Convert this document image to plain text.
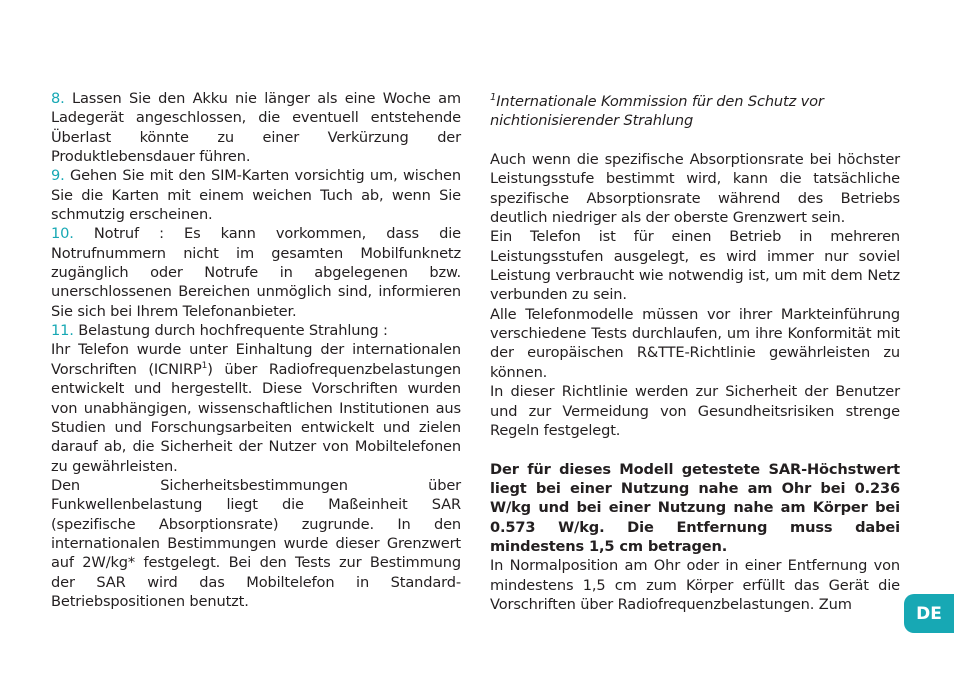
8. Lassen Sie den Akku nie länger als eine Woche am Ladegerät angeschlossen, die eventuell entstehende Überlast könnte zu einer Verkürzung der Produktlebensdauer führen.

9. Gehen Sie mit den SIM-Karten vorsichtig um, wischen Sie die Karten mit einem weichen Tuch ab, wenn Sie schmutzig erscheinen.

10. Notruf : Es kann vorkommen, dass die Notrufnummern nicht im gesamten Mobilfunknetz zugänglich oder Notrufe in abgelegenen bzw. unerschlossenen Bereichen unmöglich sind, informieren Sie sich bei Ihrem Telefonanbieter.

11. Belastung durch hochfrequente Strahlung :

Ihr Telefon wurde unter Einhaltung der internationalen Vorschriften (ICNIRP$^1$) über Radiofrequenzbelastungen entwickelt und hergestellt. Diese Vorschriften wurden von unabhängigen, wissenschaftlichen Institutionen aus Studien und Forschungsarbeiten entwickelt und zielen darauf ab, die Sicherheit der Nutzer von Mobiltelefonen zu gewährleisten.

Den Sicherheitsbestimmungen über Funkwellenbelastung liegt die Maßeinheit SAR (spezifische Absorptionsrate) zugrunde. In den internationalen Bestimmungen wurde dieser Grenzwert auf 2W/kg* festgelegt. Bei den Tests zur Bestimmung der SAR wird das Mobiltelefon in Standard-Betriebspositionen benutzt.

$^1$Internationale Kommission für den Schutz vor nichtionisierender Strahlung

Auch wenn die spezifische Absorptionsrate bei höchster Leistungsstufe bestimmt wird, kann die tatsächliche spezifische Absorptionsrate während des Betriebs deutlich niedriger als der oberste Grenzwert sein.

Ein Telefon ist für einen Betrieb in mehreren Leistungsstufen ausgelegt, es wird immer nur soviel Leistung verbraucht wie notwendig ist, um mit dem Netz verbunden zu sein.

Alle Telefonmodelle müssen vor ihrer Markteinführung verschiedene Tests durchlaufen, um ihre Konformität mit der europäischen R&TTE-Richtlinie gewährleisten zu können.

In dieser Richtlinie werden zur Sicherheit der Benutzer und zur Vermeidung von Gesundheitsrisiken strenge Regeln festgelegt.

Der für dieses Modell getestete SAR-Höchstwert liegt bei einer Nutzung nahe am Ohr bei 0.236 W/kg und bei einer Nutzung nahe am Körper bei 0.573 W/kg. Die Entfernung muss dabei mindestens 1,5 cm betragen.

In Normalposition am Ohr oder in einer Entfernung von mindestens 1,5 cm zum Körper erfüllt das Gerät die Vorschriften über Radiofrequenzbelastungen. Zum	DE
